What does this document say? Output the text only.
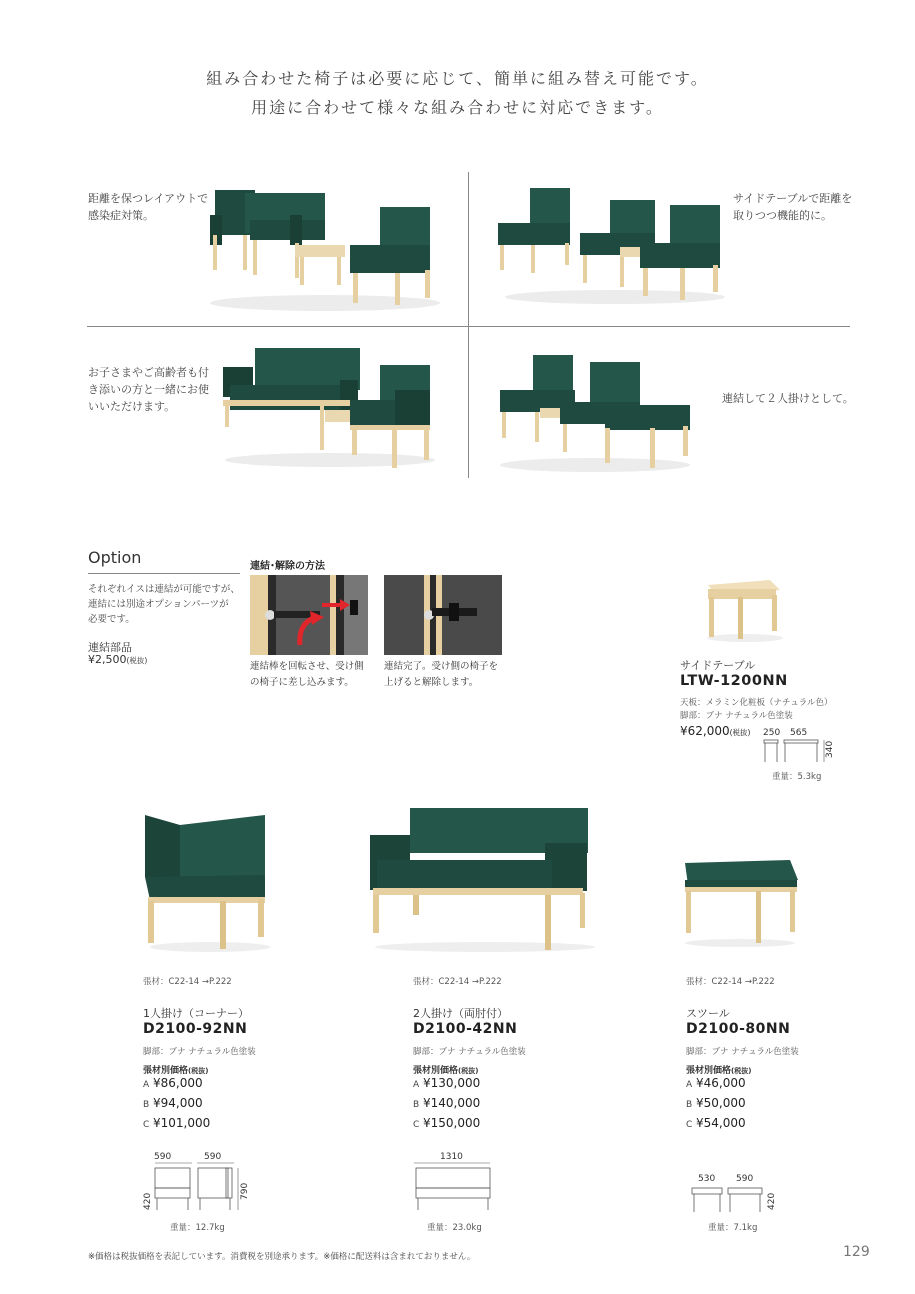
組み合わせた椅子は必要に応じて、簡単に組み替え可能です。
用途に合わせて様々な組み合わせに対応できます。
距離を保つレイアウトで
感染症対策。
サイドテーブルで距離を
取りつつ機能的に。
お子さまやご高齢者も付
き添いの方と一緒にお使
いいただけます。
連結して２人掛けとして。
Option
それぞれイスは連結が可能ですが、
連結には別途オプションパーツが
必要です。
連結部品
¥2,500(税抜)
連結･解除の方法
連結棒を回転させ、受け側
の椅子に差し込みます。
連結完了。受け側の椅子を
上げると解除します。
サイドテーブル
LTW-1200NN
天板：メラミン化粧板（ナチュラル色）
脚部：ブナ ナチュラル色塗装
¥62,000(税抜) 250 565
340
重量：5.3kg
張材：C22-14 →P.222
1人掛け（コーナー）
D2100-92NN
脚部：ブナ ナチュラル色塗装
張材別価格(税抜)
A ¥86,000
B ¥94,000
C ¥101,000
590	590
420
790
重量：12.7kg
張材：C22-14 →P.222
2人掛け（両肘付）
D2100-42NN
脚部：ブナ ナチュラル色塗装
張材別価格(税抜)
A ¥130,000
B ¥140,000
C ¥150,000
1310
重量：23.0kg
張材：C22-14 →P.222
スツール
D2100-80NN
脚部：ブナ ナチュラル色塗装
張材別価格(税抜)
A ¥46,000
B ¥50,000
C ¥54,000
530 590
420
重量：7.1kg
※価格は税抜価格を表記しています。消費税を別途承ります。※価格に配送料は含まれておりません。	129
